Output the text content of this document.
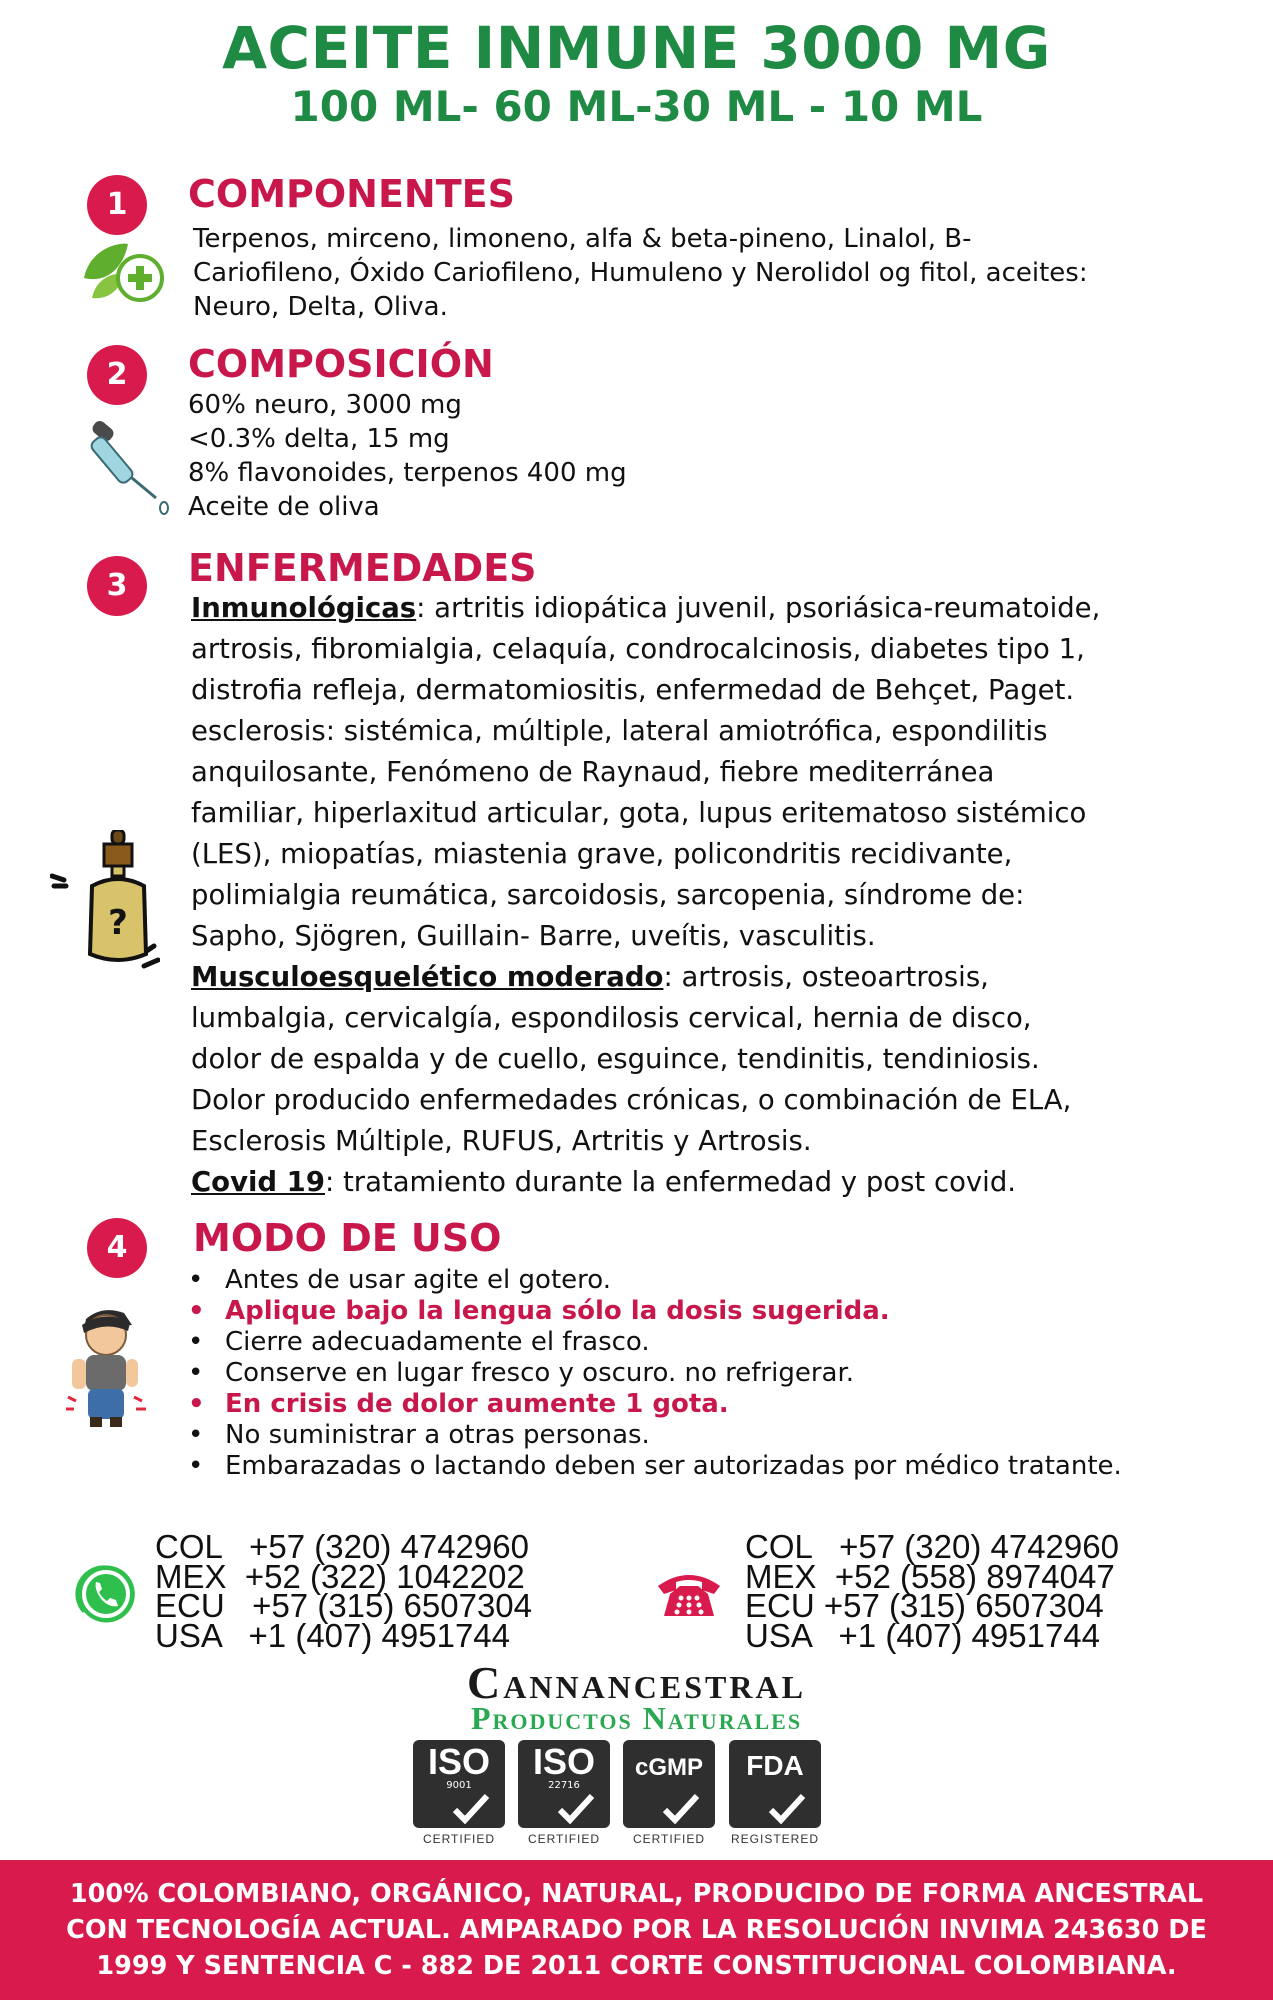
ACEITE INMUNE 3000 MG
100 ML- 60 ML-30 ML - 10 ML
1	COMPONENTES

Terpenos, mirceno, limoneno, alfa & beta-pineno, Linalol, B-Cariofileno, Óxido Cariofileno, Humuleno y Nerolidol og fitol, aceites: Neuro, Delta, Oliva.

2	COMPOSICIÓN
60% neuro, 3000 mg
<0.3% delta, 15 mg
8% flavonoides, terpenos 400 mg
Aceite de oliva
3	ENFERMEDADES
?
Inmunológicas: artritis idiopática juvenil, psoriásica-reumatoide,
artrosis, fibromialgia, celaquía, condrocalcinosis, diabetes tipo 1,
distrofia refleja, dermatomiositis, enfermedad de Behçet, Paget.
esclerosis: sistémica, múltiple, lateral amiotrófica, espondilitis
anquilosante, Fenómeno de Raynaud, fiebre mediterránea
familiar, hiperlaxitud articular, gota, lupus eritematoso sistémico
(LES), miopatías, miastenia grave, policondritis recidivante,
polimialgia reumática, sarcoidosis, sarcopenia, síndrome de:
Sapho, Sjögren, Guillain- Barre, uveítis, vasculitis.
Musculoesquelético moderado: artrosis, osteoartrosis,
lumbalgia, cervicalgía, espondilosis cervical, hernia de disco,
dolor de espalda y de cuello, esguince, tendinitis, tendiniosis.
Dolor producido enfermedades crónicas, o combinación de ELA,
Esclerosis Múltiple, RUFUS, Artritis y Artrosis.
Covid 19: tratamiento durante la enfermedad y post covid.
4	MODO DE USO
• Antes de usar agite el gotero.
• Aplique bajo la lengua sólo la dosis sugerida.
• Cierre adecuadamente el frasco.
• Conserve en lugar fresco y oscuro. no refrigerar.
• En crisis de dolor aumente 1 gota.
• No suministrar a otras personas.
• Embarazadas o lactando deben ser autorizadas por médico tratante.
COL   +57 (320) 4742960
MEX  +52 (322) 1042202
ECU   +57 (315) 6507304
USA   +1 (407) 4951744
COL   +57 (320) 4742960
MEX  +52 (558) 8974047
ECU +57 (315) 6507304
USA   +1 (407) 4951744

Cannancestral

Productos Naturales

ISO
9001
CERTIFIED
ISO
22716
CERTIFIED
cGMP
CERTIFIED
FDA
REGISTERED
100% COLOMBIANO, ORGÁNICO, NATURAL, PRODUCIDO DE FORMA ANCESTRAL
CON TECNOLOGÍA ACTUAL. AMPARADO POR LA RESOLUCIÓN INVIMA 243630 DE
1999 Y SENTENCIA C - 882 DE 2011 CORTE CONSTITUCIONAL COLOMBIANA.
